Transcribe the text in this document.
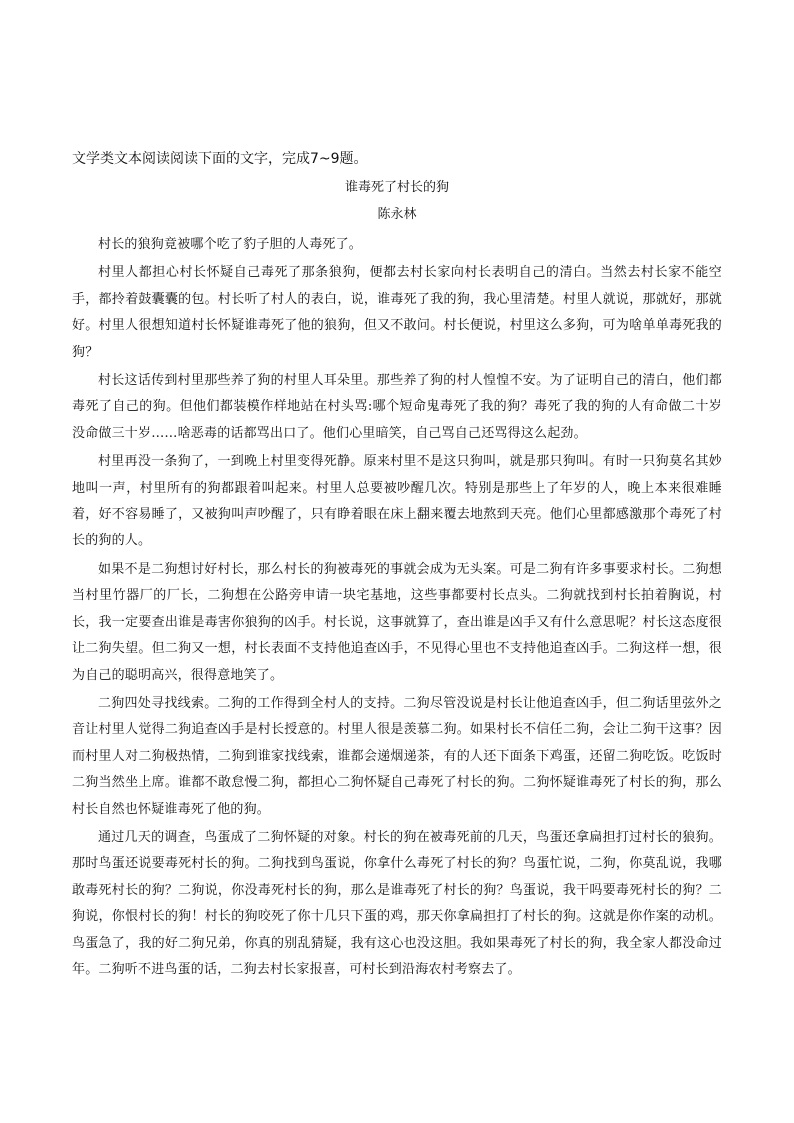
文学类文本阅读阅读下面的文字，完成7~9题。
谁毒死了村长的狗
陈永林

村长的狼狗竟被哪个吃了豹子胆的人毒死了。

村里人都担心村长怀疑自己毒死了那条狼狗，便都去村长家向村长表明自己的清白。当然去村长家不能空手，都拎着鼓囊囊的包。村长听了村人的表白，说，谁毒死了我的狗，我心里清楚。村里人就说，那就好，那就好。村里人很想知道村长怀疑谁毒死了他的狼狗，但又不敢问。村长便说，村里这么多狗，可为啥单单毒死我的狗？

村长这话传到村里那些养了狗的村里人耳朵里。那些养了狗的村人惶惶不安。为了证明自己的清白，他们都毒死了自己的狗。但他们都装模作样地站在村头骂:哪个短命鬼毒死了我的狗？毒死了我的狗的人有命做二十岁没命做三十岁……啥恶毒的话都骂出口了。他们心里暗笑，自己骂自己还骂得这么起劲。

村里再没一条狗了，一到晚上村里变得死静。原来村里不是这只狗叫，就是那只狗叫。有时一只狗莫名其妙地叫一声，村里所有的狗都跟着叫起来。村里人总要被吵醒几次。特别是那些上了年岁的人，晚上本来很难睡着，好不容易睡了，又被狗叫声吵醒了，只有睁着眼在床上翻来覆去地熬到天亮。他们心里都感激那个毒死了村长的狗的人。

如果不是二狗想讨好村长，那么村长的狗被毒死的事就会成为无头案。可是二狗有许多事要求村长。二狗想当村里竹器厂的厂长，二狗想在公路旁申请一块宅基地，这些事都要村长点头。二狗就找到村长拍着胸说，村长，我一定要查出谁是毒害你狼狗的凶手。村长说，这事就算了，查出谁是凶手又有什么意思呢？村长这态度很让二狗失望。但二狗又一想，村长表面不支持他追查凶手，不见得心里也不支持他追查凶手。二狗这样一想，很为自己的聪明高兴，很得意地笑了。

二狗四处寻找线索。二狗的工作得到全村人的支持。二狗尽管没说是村长让他追查凶手，但二狗话里弦外之音让村里人觉得二狗追查凶手是村长授意的。村里人很是羡慕二狗。如果村长不信任二狗，会让二狗干这事？因而村里人对二狗极热情，二狗到谁家找线索，谁都会递烟递茶，有的人还下面条下鸡蛋，还留二狗吃饭。吃饭时二狗当然坐上席。谁都不敢怠慢二狗，都担心二狗怀疑自己毒死了村长的狗。二狗怀疑谁毒死了村长的狗，那么村长自然也怀疑谁毒死了他的狗。

通过几天的调查，鸟蛋成了二狗怀疑的对象。村长的狗在被毒死前的几天，鸟蛋还拿扁担打过村长的狼狗。那时鸟蛋还说要毒死村长的狗。二狗找到鸟蛋说，你拿什么毒死了村长的狗？鸟蛋忙说，二狗，你莫乱说，我哪敢毒死村长的狗？二狗说，你没毒死村长的狗，那么是谁毒死了村长的狗？鸟蛋说，我干吗要毒死村长的狗？二狗说，你恨村长的狗！村长的狗咬死了你十几只下蛋的鸡，那天你拿扁担打了村长的狗。这就是你作案的动机。鸟蛋急了，我的好二狗兄弟，你真的别乱猜疑，我有这心也没这胆。我如果毒死了村长的狗，我全家人都没命过年。二狗听不进鸟蛋的话，二狗去村长家报喜，可村长到沿海农村考察去了。
